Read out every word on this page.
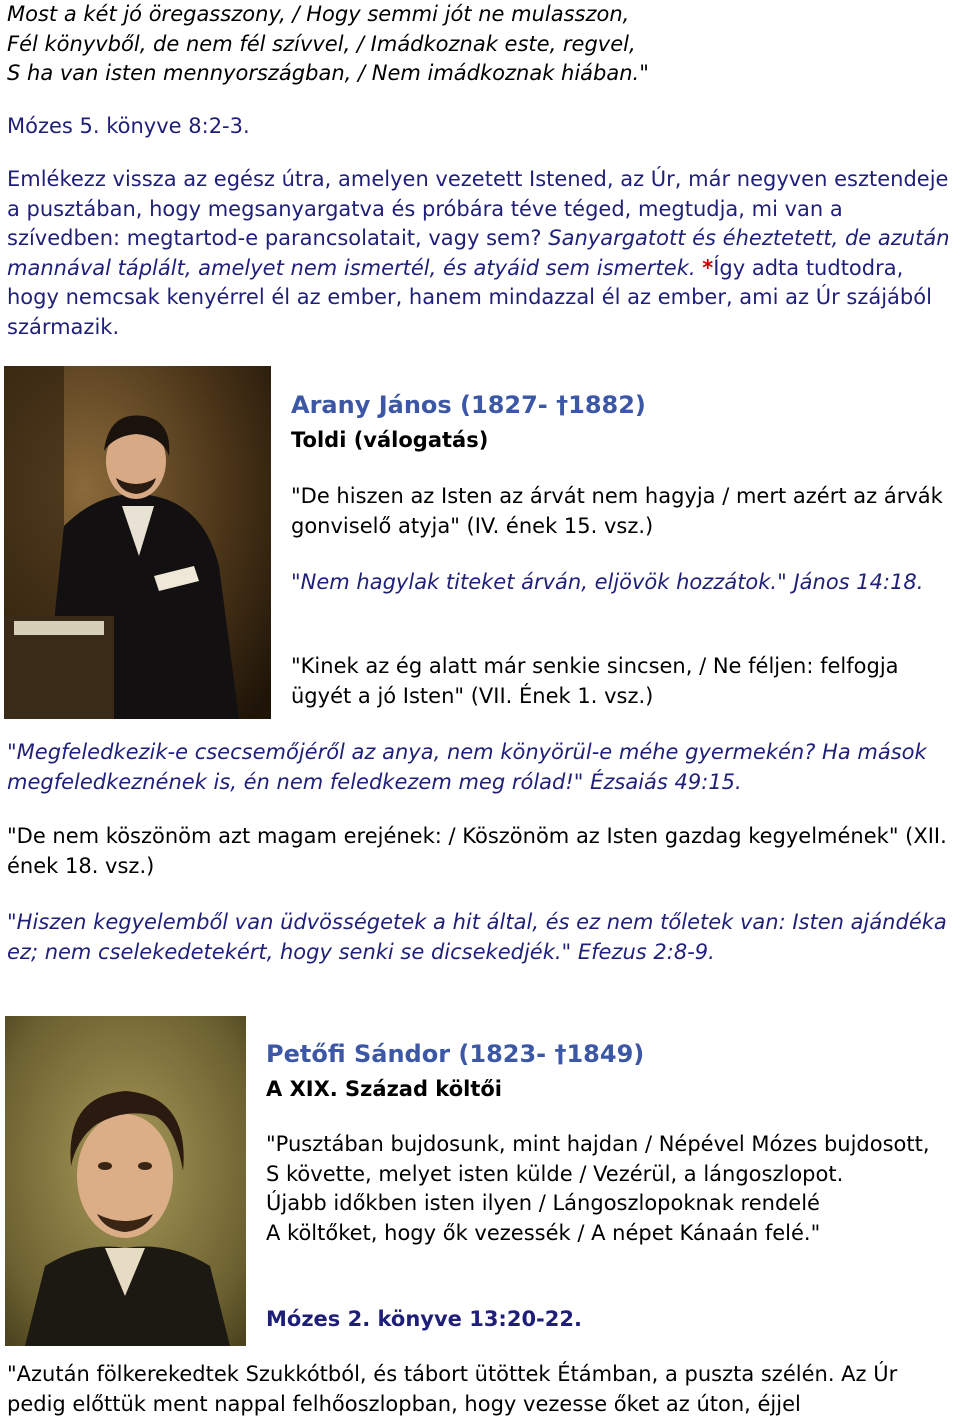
Most a két jó öregasszony, / Hogy semmi jót ne mulasszon,
Fél könyvből, de nem fél szívvel, / Imádkoznak este, regvel,
S ha van isten mennyországban, / Nem imádkoznak hiában."
Mózes 5. könyve 8:2-3.
Emlékezz vissza az egész útra, amelyen vezetett Istened, az Úr, már negyven esztendeje a pusztában, hogy megsanyargatva és próbára téve téged, megtudja, mi van a szívedben: megtartod-e parancsolatait, vagy sem? Sanyargatott és éheztetett, de azután mannával táplált, amelyet nem ismertél, és atyáid sem ismertek. *Így adta tudtodra, hogy nemcsak kenyérrel él az ember, hanem mindazzal él az ember, ami az Úr szájából származik.
Arany János (1827- †1882)
Toldi (válogatás)
"De hiszen az Isten az árvát nem hagyja / mert azért az árvák gonviselő atyja" (IV. ének 15. vsz.)
"Nem hagylak titeket árván, eljövök hozzátok." János 14:18.
"Kinek az ég alatt már senkie sincsen, / Ne féljen: felfogja ügyét a jó Isten" (VII. Ének 1. vsz.)
"Megfeledkezik-e csecsemőjéről az anya, nem könyörül-e méhe gyermekén? Ha mások megfeledkeznének is, én nem feledkezem meg rólad!" Ézsaiás 49:15.
"De nem köszönöm azt magam erejének: / Köszönöm az Isten gazdag kegyelmének" (XII. ének 18. vsz.)
"Hiszen kegyelemből van üdvösségetek a hit által, és ez nem tőletek van: Isten ajándéka ez; nem cselekedetekért, hogy senki se dicsekedjék." Efezus 2:8-9.
Petőfi Sándor (1823- †1849)
A XIX. Század költői
"Pusztában bujdosunk, mint hajdan / Népével Mózes bujdosott,
S követte, melyet isten külde / Vezérül, a lángoszlopot.
Újabb időkben isten ilyen / Lángoszlopoknak rendelé
A költőket, hogy ők vezessék / A népet Kánaán felé."
Mózes 2. könyve 13:20-22.
"Azután fölkerekedtek Szukkótból, és tábort ütöttek Étámban, a puszta szélén. Az Úr pedig előttük ment nappal felhőoszlopban, hogy vezesse őket az úton, éjjel
